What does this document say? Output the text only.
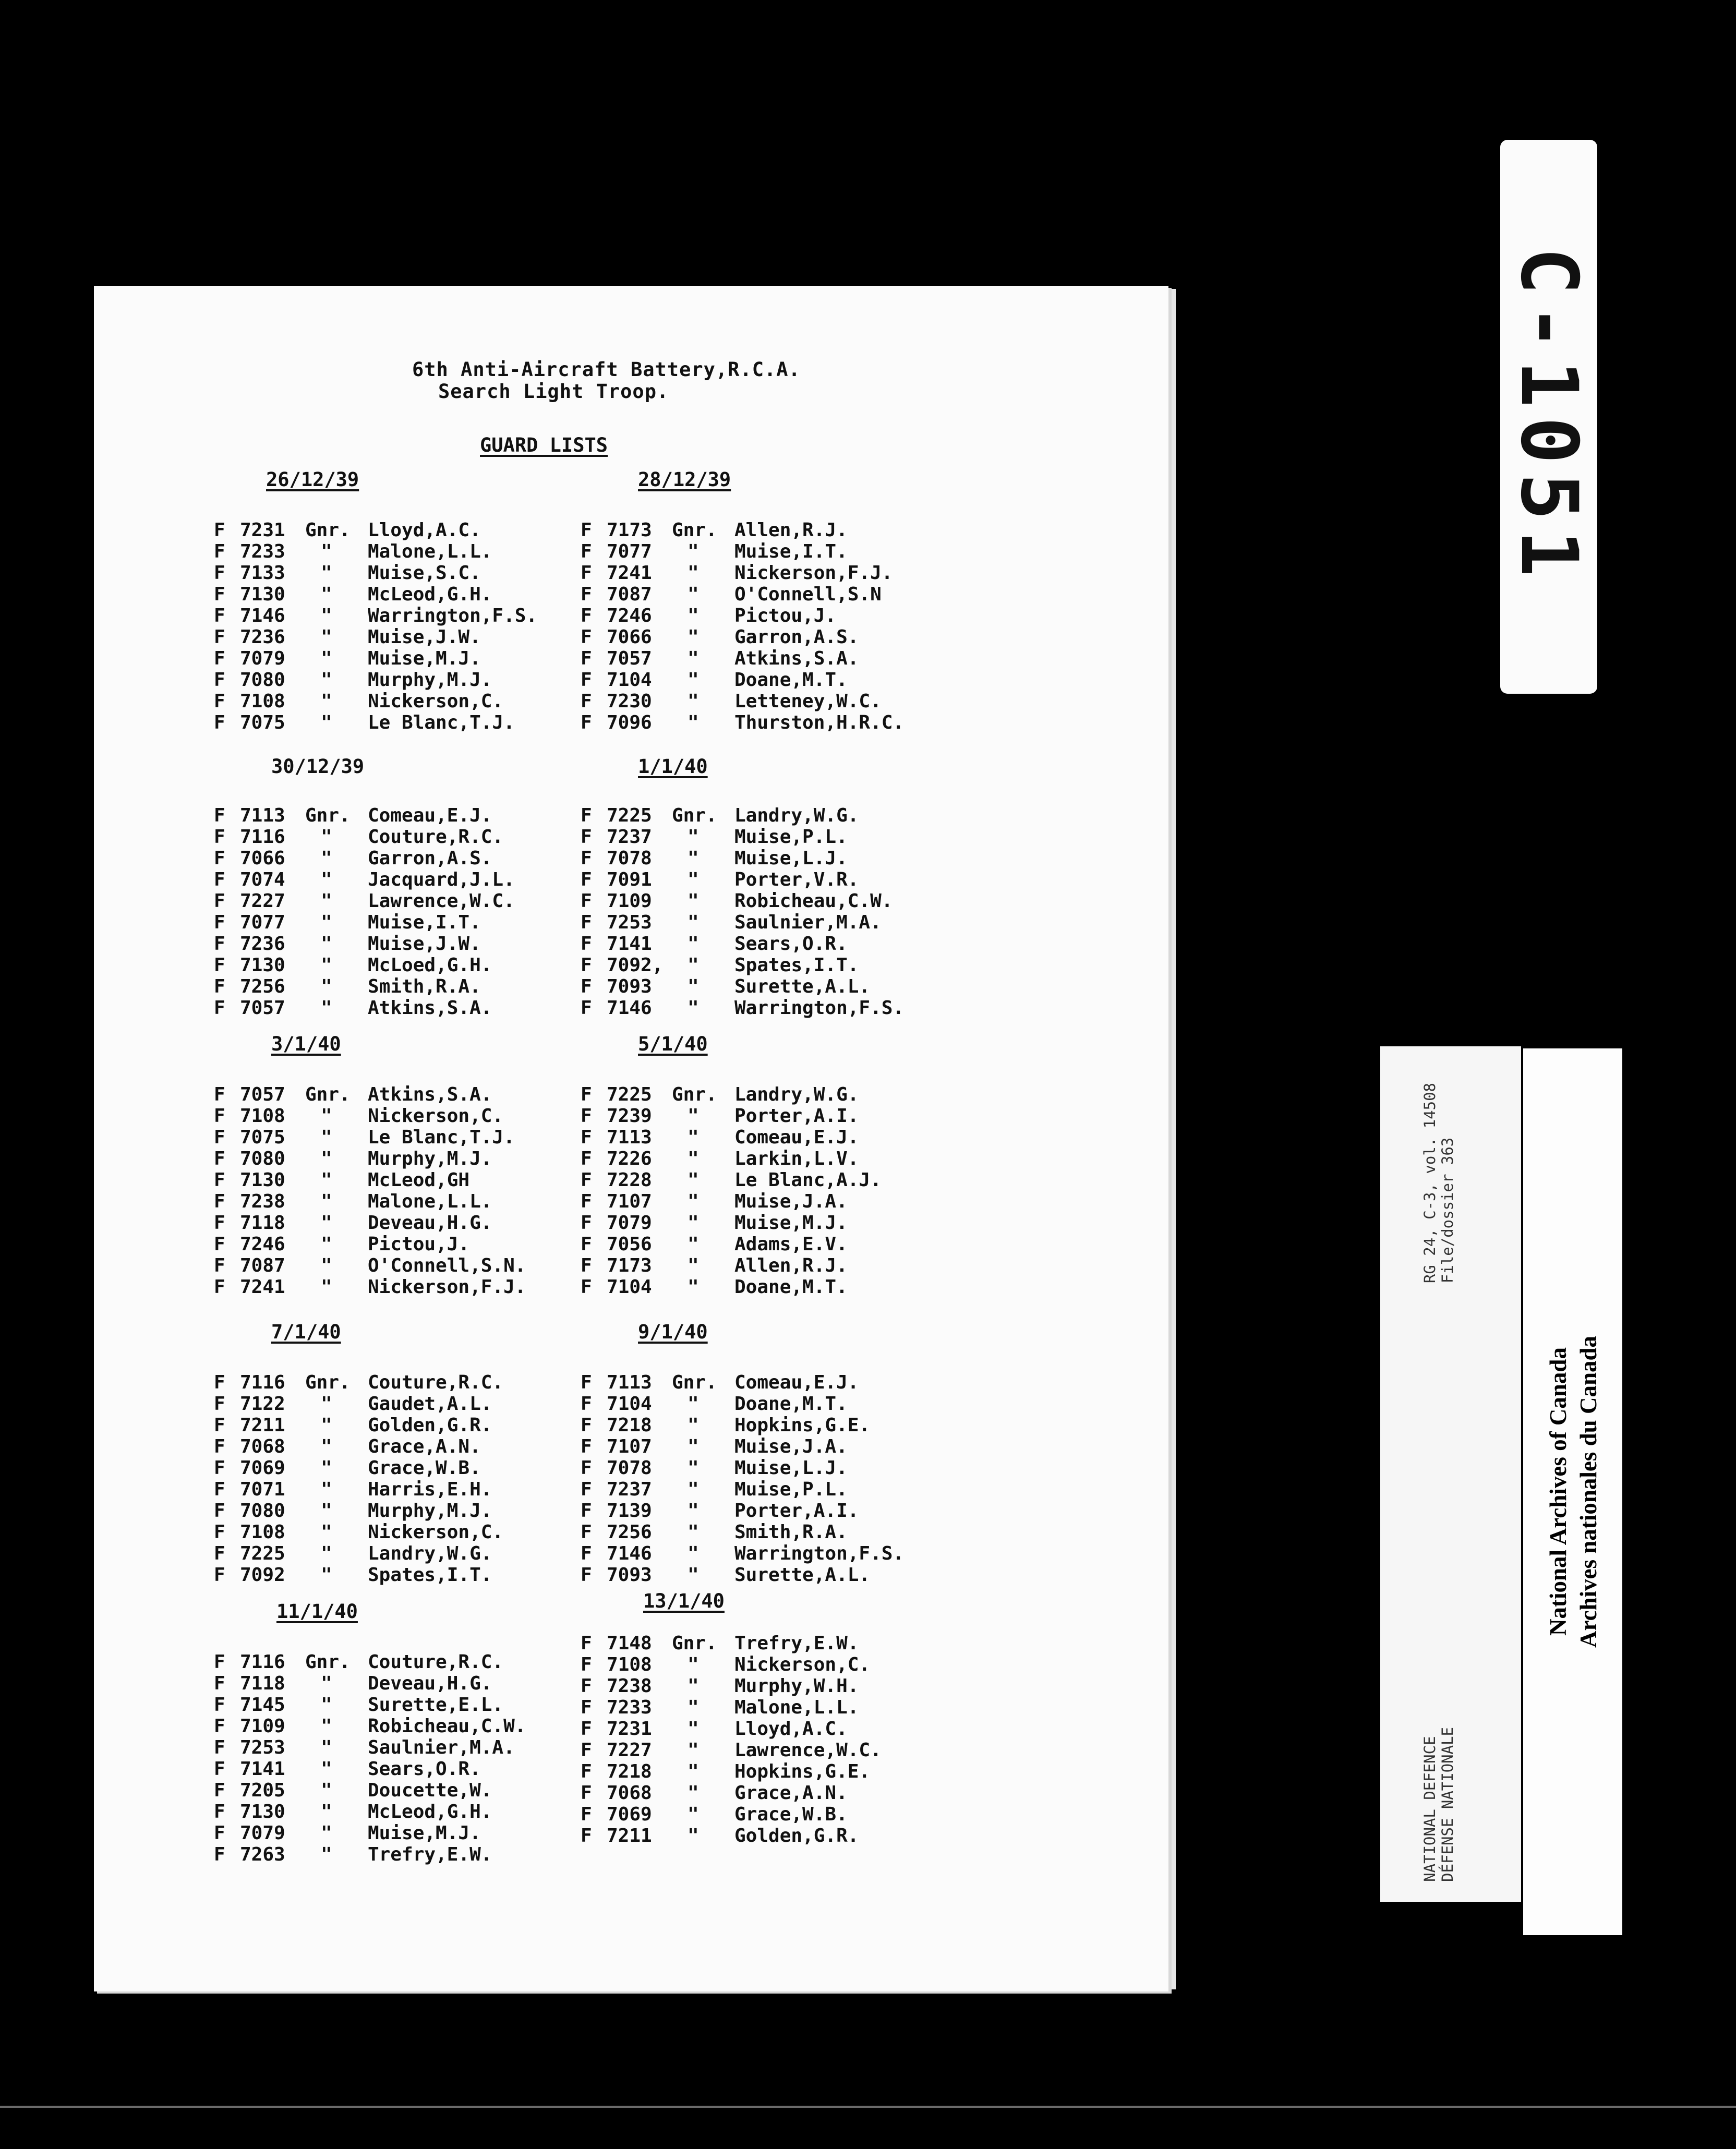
6th Anti-Aircraft Battery,R.C.A.
Search Light Troop.
GUARD LISTS
26/12/39
F 7231 Gnr. Lloyd,A.C.
F 7233 " Malone,L.L.
F 7133 " Muise,S.C.
F 7130 " McLeod,G.H.
F 7146 " Warrington,F.S.
F 7236 " Muise,J.W.
F 7079 " Muise,M.J.
F 7080 " Murphy,M.J.
F 7108 " Nickerson,C.
F 7075 " Le Blanc,T.J.
28/12/39
F 7173 Gnr. Allen,R.J.
F 7077 " Muise,I.T.
F 7241 " Nickerson,F.J.
F 7087 " O'Connell,S.N
F 7246 " Pictou,J.
F 7066 " Garron,A.S.
F 7057 " Atkins,S.A.
F 7104 " Doane,M.T.
F 7230 " Letteney,W.C.
F 7096 " Thurston,H.R.C.
30/12/39
F 7113 Gnr. Comeau,E.J.
F 7116 " Couture,R.C.
F 7066 " Garron,A.S.
F 7074 " Jacquard,J.L.
F 7227 " Lawrence,W.C.
F 7077 " Muise,I.T.
F 7236 " Muise,J.W.
F 7130 " McLoed,G.H.
F 7256 " Smith,R.A.
F 7057 " Atkins,S.A.
1/1/40
F 7225 Gnr. Landry,W.G.
F 7237 " Muise,P.L.
F 7078 " Muise,L.J.
F 7091 " Porter,V.R.
F 7109 " Robicheau,C.W.
F 7253 " Saulnier,M.A.
F 7141 " Sears,O.R.
F 7092, " Spates,I.T.
F 7093 " Surette,A.L.
F 7146 " Warrington,F.S.
3/1/40
F 7057 Gnr. Atkins,S.A.
F 7108 " Nickerson,C.
F 7075 " Le Blanc,T.J.
F 7080 " Murphy,M.J.
F 7130 " McLeod,GH
F 7238 " Malone,L.L.
F 7118 " Deveau,H.G.
F 7246 " Pictou,J.
F 7087 " O'Connell,S.N.
F 7241 " Nickerson,F.J.
5/1/40
F 7225 Gnr. Landry,W.G.
F 7239 " Porter,A.I.
F 7113 " Comeau,E.J.
F 7226 " Larkin,L.V.
F 7228 " Le Blanc,A.J.
F 7107 " Muise,J.A.
F 7079 " Muise,M.J.
F 7056 " Adams,E.V.
F 7173 " Allen,R.J.
F 7104 " Doane,M.T.
7/1/40
F 7116 Gnr. Couture,R.C.
F 7122 " Gaudet,A.L.
F 7211 " Golden,G.R.
F 7068 " Grace,A.N.
F 7069 " Grace,W.B.
F 7071 " Harris,E.H.
F 7080 " Murphy,M.J.
F 7108 " Nickerson,C.
F 7225 " Landry,W.G.
F 7092 " Spates,I.T.
9/1/40
F 7113 Gnr. Comeau,E.J.
F 7104 " Doane,M.T.
F 7218 " Hopkins,G.E.
F 7107 " Muise,J.A.
F 7078 " Muise,L.J.
F 7237 " Muise,P.L.
F 7139 " Porter,A.I.
F 7256 " Smith,R.A.
F 7146 " Warrington,F.S.
F 7093 " Surette,A.L.
11/1/40
F 7116 Gnr. Couture,R.C.
F 7118 " Deveau,H.G.
F 7145 " Surette,E.L.
F 7109 " Robicheau,C.W.
F 7253 " Saulnier,M.A.
F 7141 " Sears,O.R.
F 7205 " Doucette,W.
F 7130 " McLeod,G.H.
F 7079 " Muise,M.J.
F 7263 " Trefry,E.W.
13/1/40
F 7148 Gnr. Trefry,E.W.
F 7108 " Nickerson,C.
F 7238 " Murphy,W.H.
F 7233 " Malone,L.L.
F 7231 " Lloyd,A.C.
F 7227 " Lawrence,W.C.
F 7218 " Hopkins,G.E.
F 7068 " Grace,A.N.
F 7069 " Grace,W.B.
F 7211 " Golden,G.R.
C-1051
RG 24, C-3, vol. 14508 File/dossier 363
NATIONAL DEFENCE DÉFENSE NATIONALE
National Archives of Canada Archives nationales du Canada
